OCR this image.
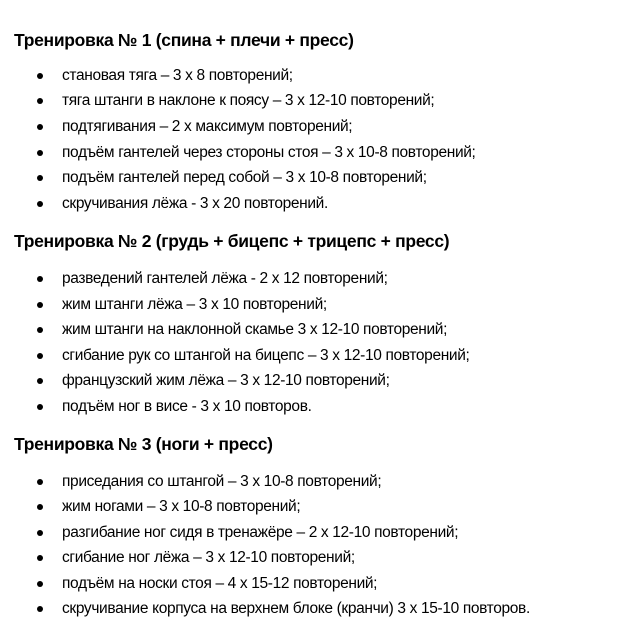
Тренировка № 1 (спина + плечи + пресс)
становая тяга – 3 х 8 повторений;
тяга штанги в наклоне к поясу – 3 х 12-10 повторений;
подтягивания – 2 х максимум повторений;
подъём гантелей через стороны стоя – 3 х 10-8 повторений;
подъём гантелей перед собой – 3 х 10-8 повторений;
скручивания лёжа - 3 х 20 повторений.
Тренировка № 2 (грудь + бицепс + трицепс + пресс)
разведений гантелей лёжа - 2 х 12 повторений;
жим штанги лёжа – 3 х 10 повторений;
жим штанги на наклонной скамье 3 х 12-10 повторений;
сгибание рук со штангой на бицепс – 3 х 12-10 повторений;
французский жим лёжа – 3 х 12-10 повторений;
подъём ног в висе - 3 х 10 повторов.
Тренировка № 3 (ноги + пресс)
приседания со штангой – 3 х 10-8 повторений;
жим ногами – 3 х 10-8 повторений;
разгибание ног сидя в тренажёре – 2 х 12-10 повторений;
сгибание ног лёжа – 3 х 12-10 повторений;
подъём на носки стоя – 4 х 15-12 повторений;
скручивание корпуса на верхнем блоке (кранчи) 3 х 15-10 повторов.
